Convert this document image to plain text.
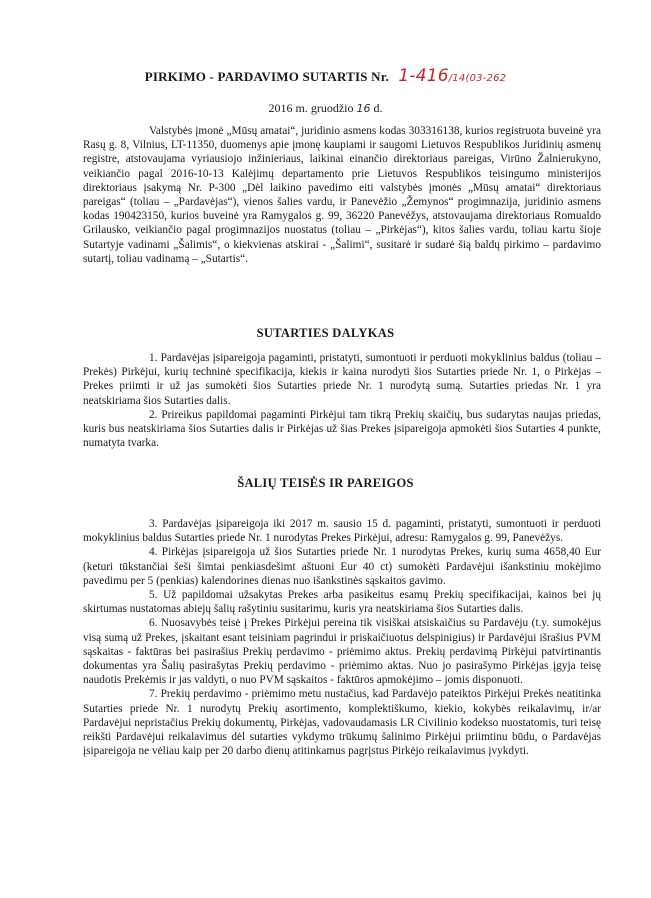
PIRKIMO - PARDAVIMO SUTARTIS Nr. 1-416/14(03-262
2016 m. gruodžio 16 d.

Valstybės įmonė „Mūsų amatai“, juridinio asmens kodas 303316138, kurios registruota buveinė yra Rasų g. 8, Vilnius, LT-11350, duomenys apie įmonę kaupiami ir saugomi Lietuvos Respublikos Juridinių asmenų registre, atstovaujama vyriausiojo inžinieriaus, laikinai einančio direktoriaus pareigas, Virūno Žalnierukyno, veikiančio pagal 2016-10-13 Kalėjimų departamento prie Lietuvos Respublikos teisingumo ministerijos direktoriaus įsakymą Nr. P-300 „Dėl laikino pavedimo eiti valstybės įmonės „Mūsų amatai“ direktoriaus pareigas“ (toliau – „Pardavėjas“), vienos šalies vardu, ir Panevėžio „Žemynos“ progimnazija, juridinio asmens kodas 190423150, kurios buveinė yra Ramygalos g. 99, 36220 Panevėžys, atstovaujama direktoriaus Romualdo Grilausko, veikiančio pagal progimnazijos nuostatus (toliau – „Pirkėjas“), kitos šalies vardu, toliau kartu šioje Sutartyje vadinami „Šalimis“, o kiekvienas atskirai - „Šalimi“, susitarė ir sudarė šią baldų pirkimo – pardavimo sutartį, toliau vadinamą – „Sutartis“.

SUTARTIES DALYKAS

1. Pardavėjas įsipareigoja pagaminti, pristatyti, sumontuoti ir perduoti mokyklinius baldus (toliau – Prekės) Pirkėjui, kurių techninė specifikacija, kiekis ir kaina nurodyti šios Sutarties priede Nr. 1, o Pirkėjas – Prekes priimti ir už jas sumokėti šios Sutarties priede Nr. 1 nurodytą sumą. Sutarties priedas Nr. 1 yra neatskiriama šios Sutarties dalis.

2. Prireikus papildomai pagaminti Pirkėjui tam tikrą Prekių skaičių, bus sudarytas naujas priedas, kuris bus neatskiriama šios Sutarties dalis ir Pirkėjas už šias Prekes įsipareigoja apmokėti šios Sutarties 4 punkte, numatyta tvarka.

ŠALIŲ TEISĖS IR PAREIGOS

3. Pardavėjas įsipareigoja iki 2017 m. sausio 15 d. pagaminti, pristatyti, sumontuoti ir perduoti mokyklinius baldus Sutarties priede Nr. 1 nurodytas Prekes Pirkėjui, adresu: Ramygalos g. 99, Panevėžys.

4. Pirkėjas įsipareigoja už šios Sutarties priede Nr. 1 nurodytas Prekes, kurių suma 4658,40 Eur (keturi tūkstančiai šeši šimtai penkiasdešimt aštuoni Eur 40 ct) sumokėti Pardavėjui išankstiniu mokėjimo pavedimu per 5 (penkias) kalendorines dienas nuo išankstinės sąskaitos gavimo.

5. Už papildomai užsakytas Prekes arba pasikeitus esamų Prekių specifikacijai, kainos bei jų skirtumas nustatomas abiejų šalių rašytiniu susitarimu, kuris yra neatskiriama šios Sutarties dalis.

6. Nuosavybės teisė į Prekes Pirkėjui pereina tik visiškai atsiskaičius su Pardavėju (t.y. sumokėjus visą sumą už Prekes, įskaitant esant teisiniam pagrindui ir priskaičiuotus delspinigius) ir Pardavėjui išrašius PVM sąskaitas - faktūras bei pasirašius Prekių perdavimo - priėmimo aktus. Prekių perdavimą Pirkėjui patvirtinantis dokumentas yra Šalių pasirašytas Prekių perdavimo - priėmimo aktas. Nuo jo pasirašymo Pirkėjas įgyja teisę naudotis Prekėmis ir jas valdyti, o nuo PVM sąskaitos - faktūros apmokėjimo – jomis disponuoti.

7. Prekių perdavimo - priėmimo metu nustačius, kad Pardavėjo pateiktos Pirkėjui Prekės neatitinka Sutarties priede Nr. 1 nurodytų Prekių asortimento, komplektiškumo, kiekio, kokybės reikalavimų, ir/ar Pardavėjui nepristačius Prekių dokumentų, Pirkėjas, vadovaudamasis LR Civilinio kodekso nuostatomis, turi teisę reikšti Pardavėjui reikalavimus dėl sutarties vykdymo trūkumų šalinimo Pirkėjui priimtinu būdu, o Pardavėjas įsipareigoja ne vėliau kaip per 20 darbo dienų atitinkamus pagrįstus Pirkėjo reikalavimus įvykdyti.
